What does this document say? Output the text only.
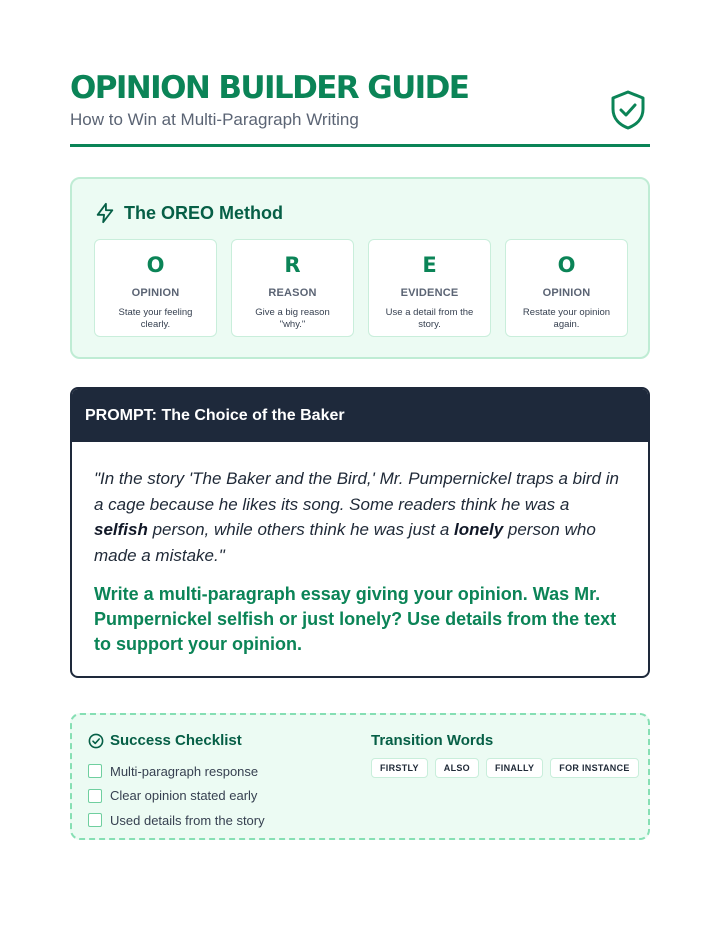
OPINION BUILDER GUIDE
How to Win at Multi-Paragraph Writing
The OREO Method
O
OPINION
State your feeling clearly.
R
REASON
Give a big reason "why."
E
EVIDENCE
Use a detail from the story.
O
OPINION
Restate your opinion again.
PROMPT: The Choice of the Baker

"In the story 'The Baker and the Bird,' Mr. Pumpernickel traps a bird in a cage because he likes its song. Some readers think he was a selfish person, while others think he was just a lonely person who made a mistake."

Write a multi-paragraph essay giving your opinion. Was Mr. Pumpernickel selfish or just lonely? Use details from the text to support your opinion.

Success Checklist
Multi-paragraph response
Clear opinion stated early
Used details from the story
Transition Words
FIRSTLY	ALSO	FINALLY	FOR INSTANCE
